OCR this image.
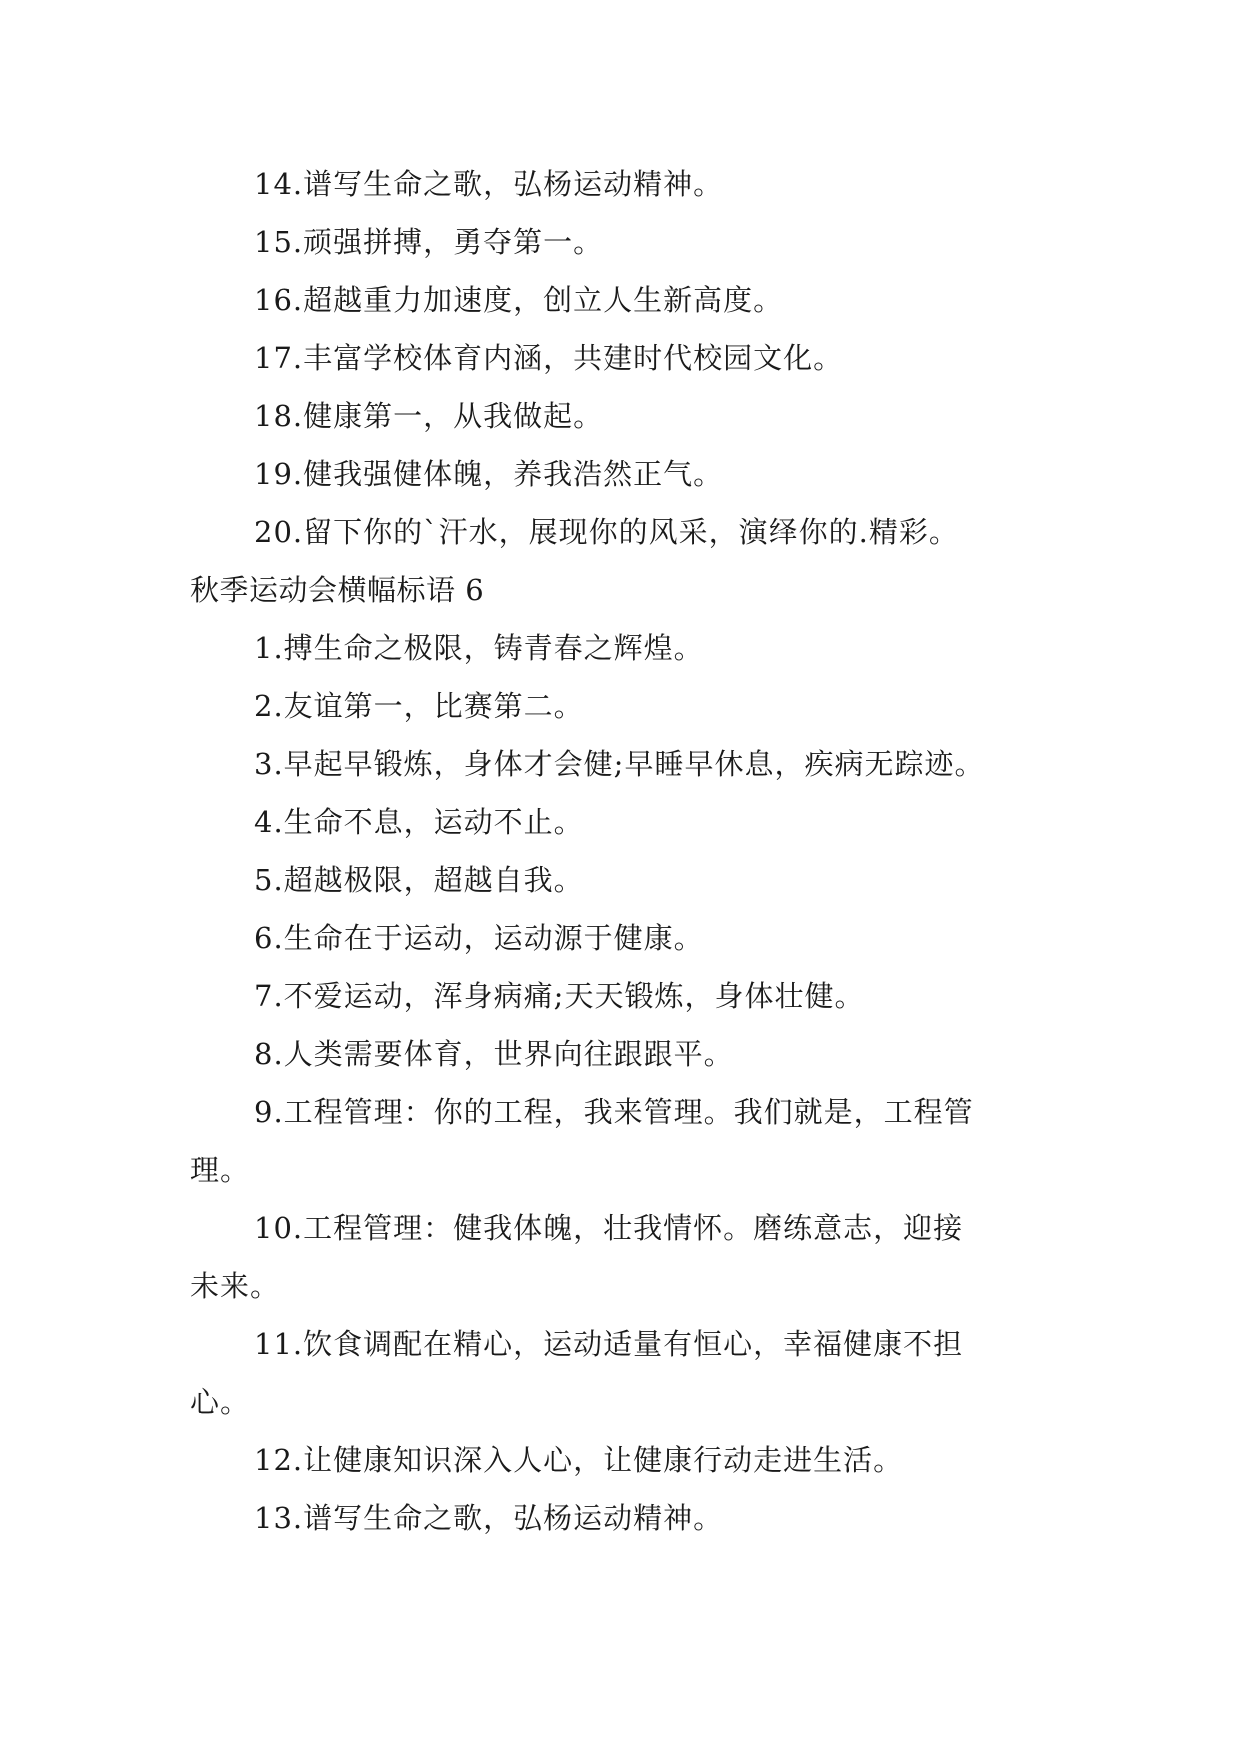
14.谱写生命之歌，弘杨运动精神。
15.顽强拼搏，勇夺第一。
16.超越重力加速度，创立人生新高度。
17.丰富学校体育内涵，共建时代校园文化。
18.健康第一，从我做起。
19.健我强健体魄，养我浩然正气。
20.留下你的`汗水，展现你的风采，演绎你的.精彩。
秋季运动会横幅标语 6
1.搏生命之极限，铸青春之辉煌。
2.友谊第一，比赛第二。
3.早起早锻炼，身体才会健;早睡早休息，疾病无踪迹。
4.生命不息，运动不止。
5.超越极限，超越自我。
6.生命在于运动，运动源于健康。
7.不爱运动，浑身病痛;天天锻炼，身体壮健。
8.人类需要体育，世界向往跟跟平。
9.工程管理：你的工程，我来管理。我们就是，工程管
理。
10.工程管理：健我体魄，壮我情怀。磨练意志，迎接
未来。
11.饮食调配在精心，运动适量有恒心，幸福健康不担
心。
12.让健康知识深入人心，让健康行动走进生活。
13.谱写生命之歌，弘杨运动精神。
